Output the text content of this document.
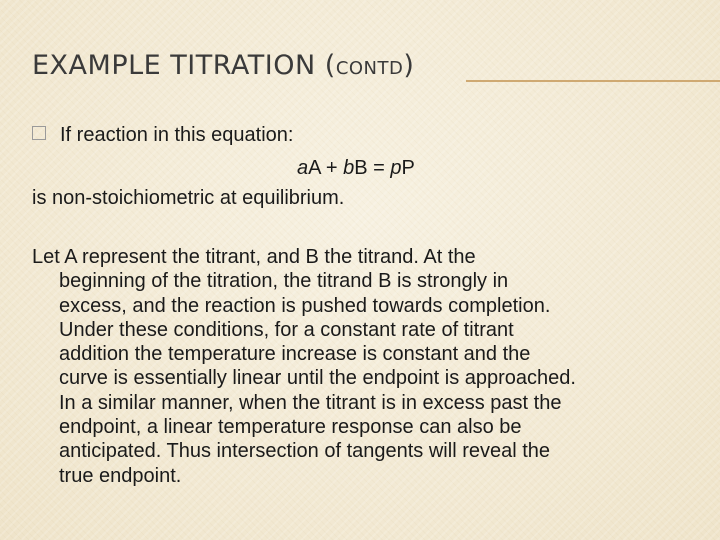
EXAMPLE TITRATION (CONTD)
If reaction in this equation:
aA + bB = pP
is non-stoichiometric at equilibrium.
Let A represent the titrant, and B the titrand. At the
beginning of the titration, the titrand B is strongly in
excess, and the reaction is pushed towards completion.
Under these conditions, for a constant rate of titrant
addition the temperature increase is constant and the
curve is essentially linear until the endpoint is approached.
In a similar manner, when the titrant is in excess past the
endpoint, a linear temperature response can also be
anticipated. Thus intersection of tangents will reveal the
true endpoint.
